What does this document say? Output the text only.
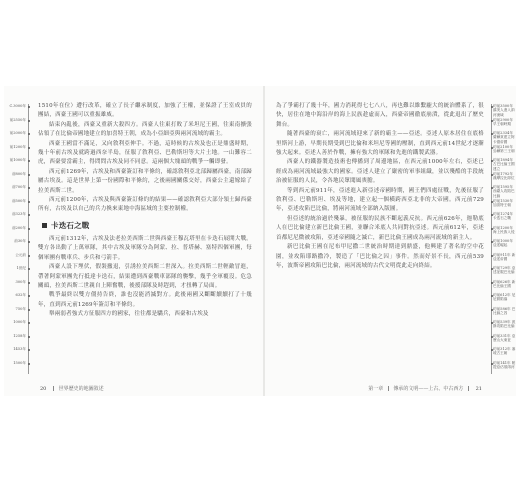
C.3000年
前2550年
前2000年
前1200年
前1000年
前800年
前700年
前500年
前323年
前200年
前30年
公元前
1世纪
300年
632年
750年
1000年
1258年
1453年
1500年

1510年在位）遭行改革，確立了長子繼承制度，加強了王權，並保證了王室成員的團結，西臺王國可以重振雄威。

結束內亂後，西臺又重新大殺四方。西臺人往東打敗了米坦尼王國，往東南擴張佔領了在比倫帝國地建立的加喜特王朝，成為小亞細亞與兩河流域的霸主。

西臺王國當不滿足，又向敘利亞伸手。不過，這時候的古埃及也正是鼎盛時期，幾十年前古埃及就跨過西奈半島，征服了敘利亞、巴勒斯坦等大片土地。一山難容二虎，西臺要當霸主，得問問古埃及同不同意。這兩個大塊頭的戰爭一觸即發。

西元前1269年，古埃及和西臺簽訂和平條約，確認敘利亞北部歸屬西臺，南部歸屬古埃及。這是世界上第一份國際和平條約，之後兩國關係交好，西臺公主還嫁給了拉美西斯二世。

西元前1200年，古埃及與西臺簽訂條約的結果——確認敘利亞大部分領土歸西臺所有，古埃及以自己的兵力換來東地中海區域的主要控制權。

卡迭石之戰

西元前1312年，古埃及法老拉美西斯二世與西臺王穆瓦塔里在卡迭石展開大戰。雙方各出動了上萬軍隊，其中古埃及軍隊分為阿蒙、拉、普塔赫、塞特四個軍團，每個軍團有戰車兵、步兵和弓箭手。

西臺人設下埋伏，假裝撤退，引誘拉美西斯二世深入。拉美西斯二世輕敵冒進，帶著阿蒙軍團先行抵達卡迭石，結果遭到西臺戰車部隊的襲擊，幾乎全軍覆沒。危急關頭，拉美西斯二世親自上陣奮戰，後援部隊及時趕到，才扭轉了局面。

戰爭最終以雙方僵持告終，誰也沒能消滅對方。此後兩國又斷斷續續打了十幾年，直到西元前1269年簽訂和平條約。

舉兩弱者強式方征服四方的國家，往往都是驕兵，西臺和古埃及

20 世界歷史的地圖敘述

為了爭霸打了幾十年，國力消耗得七七八八，再也難以維繫龐大的統治體系了，很快，居住在地中海沿岸的海上民族趁虛而入，西臺帝國徹底崩潰，從此退出了歷史舞台。

隨著西臺的衰亡，兩河流域迎來了新的霸主——亞述。亞述人原本居住在底格里斯河上游，早期長期受到巴比倫和米坦尼等國的壓制，直到西元前14世紀才逐漸強大起來。亞述人善於作戰，擁有強大的軍隊和先進的鐵製武器。

西臺人的鐵器製造技術也傳播到了周邊地區，在西元前1000年左右，亞述已經成為兩河流域最強大的國家。亞述人建立了嚴密的軍事組織，並以殘酷的手段統治被征服的人民，令各地民眾聞風喪膽。

等到西元前911年，亞述進入新亞述帝國時期，國王們四處征戰，先後征服了敘利亞、巴勒斯坦、埃及等地，建立起一個橫跨西亞北非的大帝國。西元前729年，亞述攻陷巴比倫，將兩河流域全部納入版圖。

但亞述的統治過於殘暴，被征服的民族不斷起義反抗。西元前626年，迦勒底人在巴比倫建立新巴比倫王國，並聯合米底人共同對抗亞述。西元前612年，亞述首都尼尼微被攻陷，亞述帝國隨之滅亡，新巴比倫王國成為兩河流域的新主人。

新巴比倫王國在尼布甲尼撒二世統治時期達到鼎盛，他興建了著名的空中花園，並攻陷耶路撒冷，製造了「巴比倫之囚」事件。然而好景不長，西元前539年，波斯帝國攻陷巴比倫，兩河流域的古代文明從此走向終結。

約前3500年 蘇美人進入兩河流域
約前2900年 早王朝時期
約前2334年 薩爾貢建立阿卡德帝國
約前2100年 烏爾第三王朝
約前1894年 古巴比倫王國建立
約前1792年 漢摩拉比即位
約前1595年 西臺人攻陷巴比倫
約前1530年 加喜特王朝
約前1274年 卡迭石之戰
約前1200年 海上民族入侵
約前1000年 亞述崛起
約前911年 新亞述帝國
約前729年 亞述征服巴比倫
約前626年 新巴比倫王國
約前612年 尼尼微陷落
約前586年 巴比倫之囚
約前539年 波斯攻陷巴比倫
約前331年 亞歷山大東征
約前312年 塞琉古王朝
約前141年 帕提亞佔領兩河
第一章 傳承的文明——上古、中古西方 21
